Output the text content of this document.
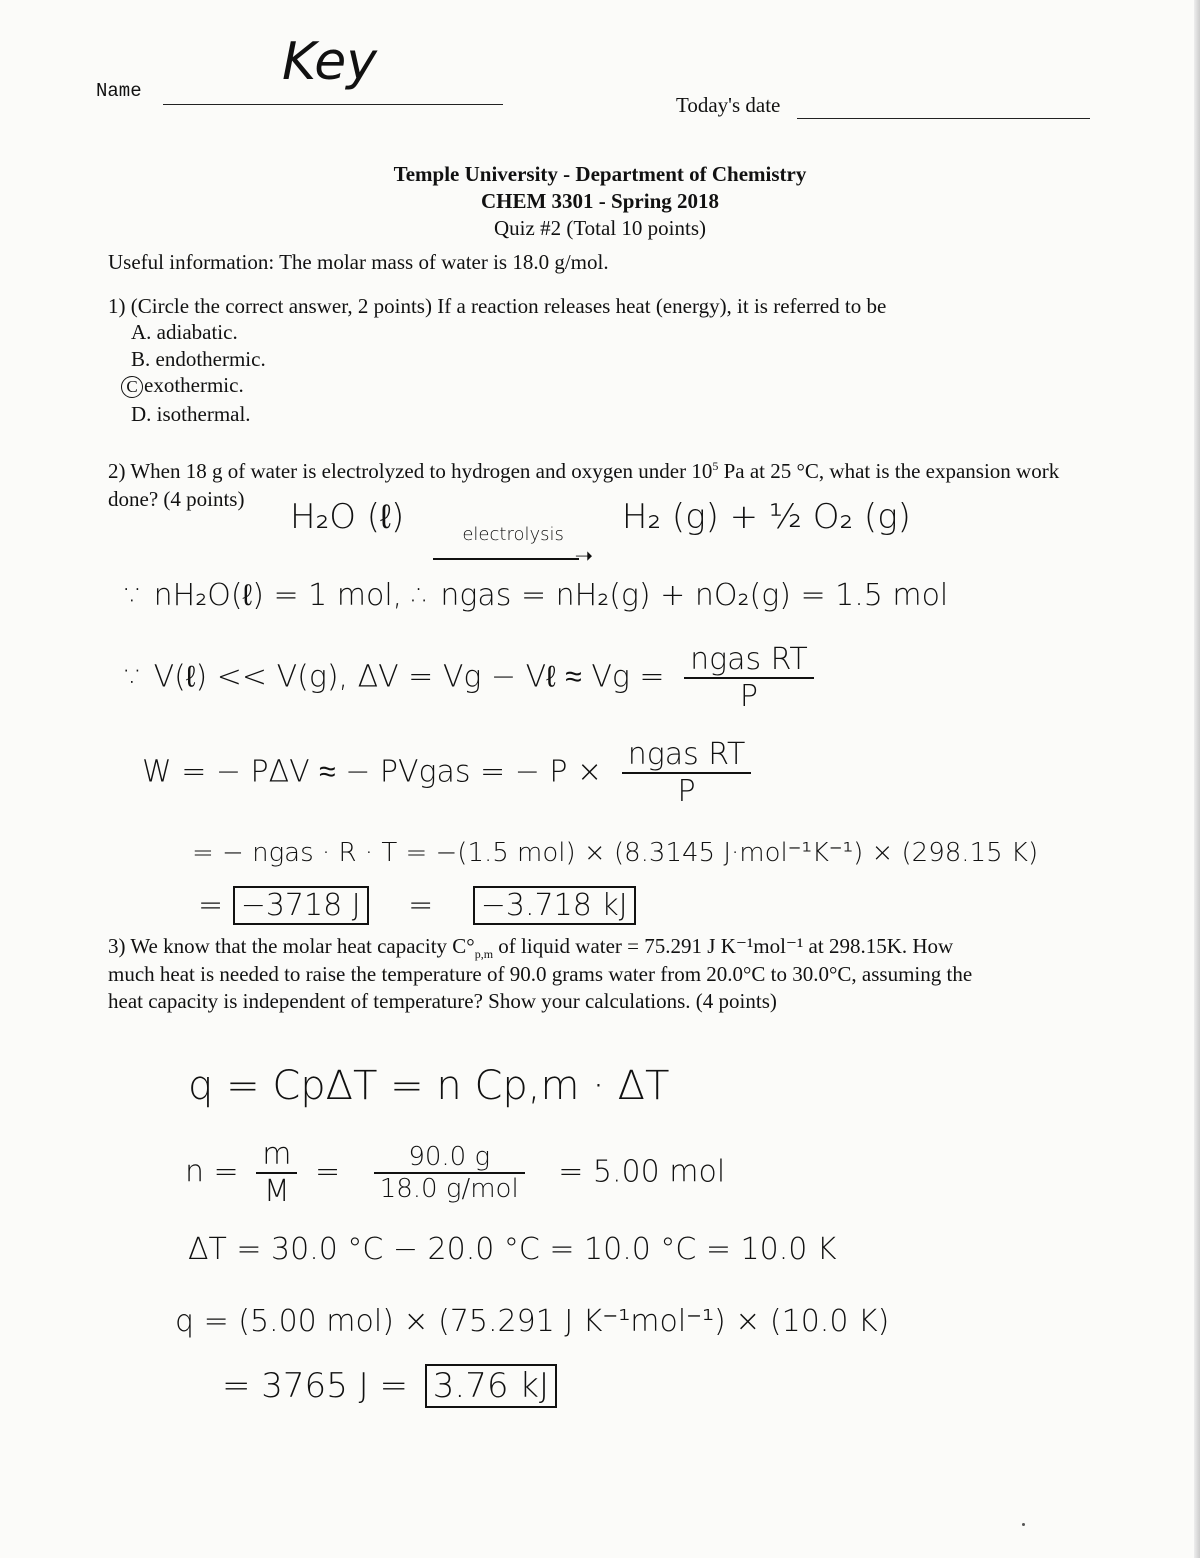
Name	Key
Today's date
Temple University - Department of Chemistry
CHEM 3301 - Spring 2018
Quiz #2 (Total 10 points)
Useful information: The molar mass of water is 18.0 g/mol.
1) (Circle the correct answer, 2 points) If a reaction releases heat (energy), it is referred to be
A. adiabatic.
B. endothermic.
C exothermic.
D. isothermal.
2) When 18 g of water is electrolyzed to hydrogen and oxygen under $10^5$ Pa at 25 °C, what is the expansion work
done? (4 points)	H₂O (ℓ)	electrolysis
➝
H₂ (g) + ½ O₂ (g)
∵ nH₂O(ℓ) = 1 mol, ∴ ngas = nH₂(g) + nO₂(g) = 1.5 mol
∵ V(ℓ) << V(g), ΔV = Vg − Vℓ ≈ $Vg = \frac{\text{ngas RT}}{P}$
W = − PΔV ≈ − PVgas = − $P \times \frac{\text{ngas RT}}{P}$
= − ngas · R · T = −(1.5 mol) × (8.3145 J·mol⁻¹K⁻¹) × (298.15 K)
= −3718 J = −3.718 kJ
3) We know that the molar heat capacity $C^\circ_{p,m}$ of liquid water = 75.291 J K⁻¹mol⁻¹ at 298.15K. How
much heat is needed to raise the temperature of 90.0 grams water from 20.0°C to 30.0°C, assuming the
heat capacity is independent of temperature? Show your calculations. (4 points)
q = CpΔT = n Cp,m · ΔT
$n = \frac{m}{M} = \frac{90.0 g}{\text{18.0 g/mol}} = 5.00$ mol
ΔT = 30.0 °C − 20.0 °C = 10.0 °C = 10.0 K
q = (5.00 mol) × (75.291 J K⁻¹mol⁻¹) × (10.0 K)
= 3765 J = 3.76 kJ
